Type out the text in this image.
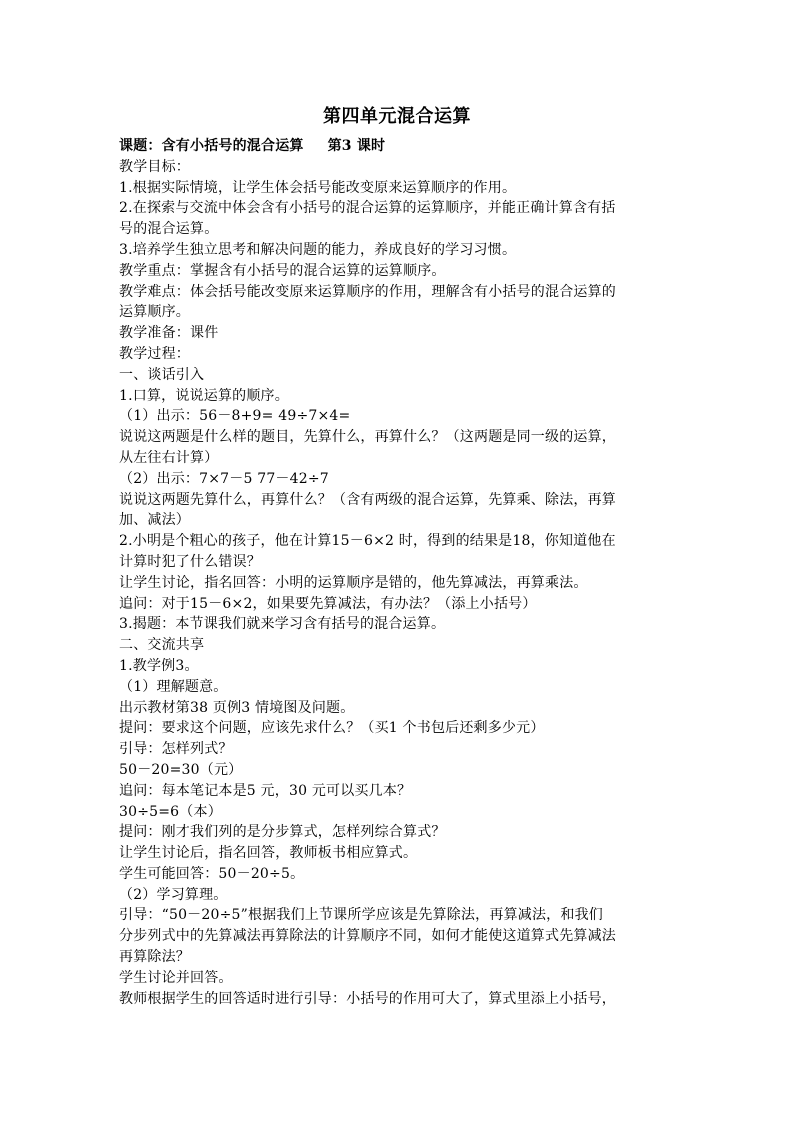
第四单元混合运算
课题：含有小括号的混合运算 第3 课时
教学目标：
1.根据实际情境，让学生体会括号能改变原来运算顺序的作用。
2.在探索与交流中体会含有小括号的混合运算的运算顺序，并能正确计算含有括
号的混合运算。
3.培养学生独立思考和解决问题的能力，养成良好的学习习惯。
教学重点：掌握含有小括号的混合运算的运算顺序。
教学难点：体会括号能改变原来运算顺序的作用，理解含有小括号的混合运算的
运算顺序。
教学准备：课件
教学过程：
一、谈话引入
1.口算，说说运算的顺序。
（1）出示：56－8+9= 49÷7×4=
说说这两题是什么样的题目，先算什么，再算什么？（这两题是同一级的运算，
从左往右计算）
（2）出示：7×7－5 77－42÷7
说说这两题先算什么，再算什么？（含有两级的混合运算，先算乘、除法，再算
加、减法）
2.小明是个粗心的孩子，他在计算15－6×2 时，得到的结果是18，你知道他在
计算时犯了什么错误？
让学生讨论，指名回答：小明的运算顺序是错的，他先算减法，再算乘法。
追问：对于15－6×2，如果要先算减法，有办法？（添上小括号）
3.揭题：本节课我们就来学习含有括号的混合运算。
二、交流共享
1.教学例3。
（1）理解题意。
出示教材第38 页例3 情境图及问题。
提问：要求这个问题，应该先求什么？（买1 个书包后还剩多少元）
引导：怎样列式？
50－20=30（元）
追问：每本笔记本是5 元，30 元可以买几本？
30÷5=6（本）
提问：刚才我们列的是分步算式，怎样列综合算式？
让学生讨论后，指名回答，教师板书相应算式。
学生可能回答：50－20÷5。
（2）学习算理。
引导：“50－20÷5”根据我们上节课所学应该是先算除法，再算减法，和我们
分步列式中的先算减法再算除法的计算顺序不同，如何才能使这道算式先算减法
再算除法？
学生讨论并回答。
教师根据学生的回答适时进行引导：小括号的作用可大了，算式里添上小括号，
